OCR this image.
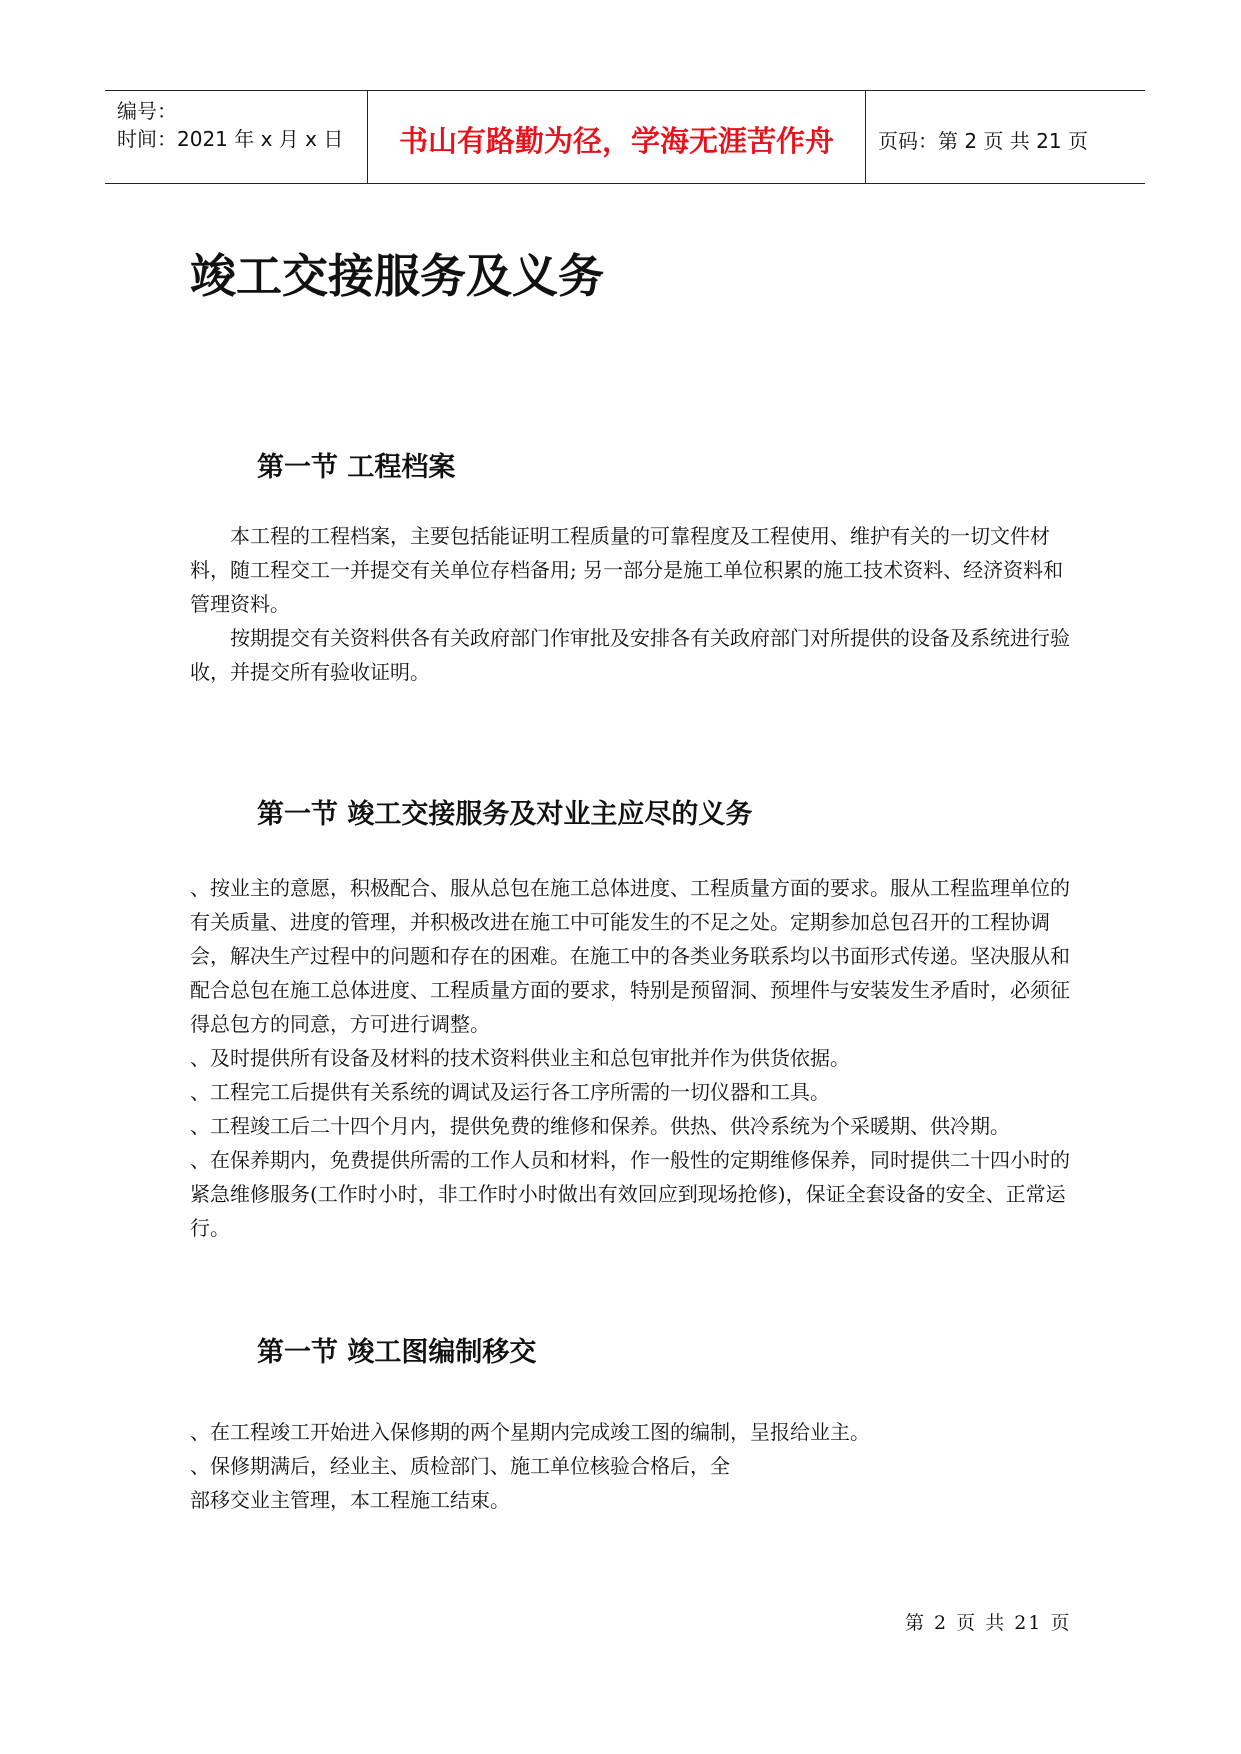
编号：
时间：2021 年 x 月 x 日	书山有路勤为径，学海无涯苦作舟	页码：第 2 页 共 21 页
竣工交接服务及义务
第一节 工程档案

本工程的工程档案，主要包括能证明工程质量的可靠程度及工程使用、维护有关的一切文件材料，随工程交工一并提交有关单位存档备用; 另一部分是施工单位积累的施工技术资料、经济资料和管理资料。

按期提交有关资料供各有关政府部门作审批及安排各有关政府部门对所提供的设备及系统进行验收，并提交所有验收证明。

第一节 竣工交接服务及对业主应尽的义务

、按业主的意愿，积极配合、服从总包在施工总体进度、工程质量方面的要求。服从工程监理单位的有关质量、进度的管理，并积极改进在施工中可能发生的不足之处。定期参加总包召开的工程协调会，解决生产过程中的问题和存在的困难。在施工中的各类业务联系均以书面形式传递。坚决服从和配合总包在施工总体进度、工程质量方面的要求，特别是预留洞、预埋件与安装发生矛盾时，必须征得总包方的同意，方可进行调整。

、及时提供所有设备及材料的技术资料供业主和总包审批并作为供货依据。

、工程完工后提供有关系统的调试及运行各工序所需的一切仪器和工具。

、工程竣工后二十四个月内，提供免费的维修和保养。供热、供冷系统为个采暖期、供冷期。

、在保养期内，免费提供所需的工作人员和材料，作一般性的定期维修保养，同时提供二十四小时的紧急维修服务(工作时小时，非工作时小时做出有效回应到现场抢修)，保证全套设备的安全、正常运行。

第一节 竣工图编制移交

、在工程竣工开始进入保修期的两个星期内完成竣工图的编制，呈报给业主。

、保修期满后，经业主、质检部门、施工单位核验合格后，全

部移交业主管理，本工程施工结束。

第 2 页 共 21 页
